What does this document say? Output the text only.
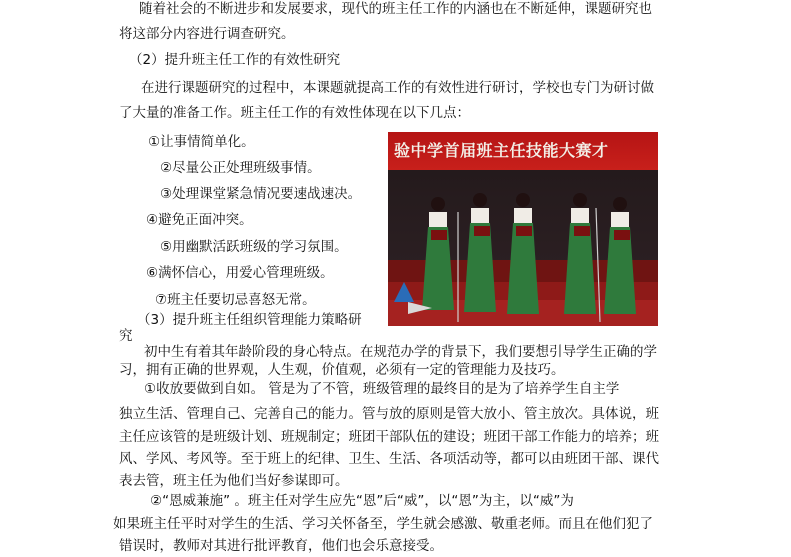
随着社会的不断进步和发展要求，现代的班主任工作的内涵也在不断延伸，课题研究也
将这部分内容进行调查研究。
（2）提升班主任工作的有效性研究
在进行课题研究的过程中，本课题就提高工作的有效性进行研讨，学校也专门为研讨做
了大量的准备工作。班主任工作的有效性体现在以下几点：
①让事情简单化。
②尽量公正处理班级事情。
③处理课堂紧急情况要速战速决。
④避免正面冲突。
⑤用幽默活跃班级的学习氛围。
⑥满怀信心，用爱心管理班级。
⑦班主任要切忌喜怒无常。
（3）提升班主任组织管理能力策略研
究
验中学首届班主任技能大赛才
初中生有着其年龄阶段的身心特点。在规范办学的背景下，我们要想引导学生正确的学
习，拥有正确的世界观，人生观，价值观，必须有一定的管理能力及技巧。
①收放要做到自如。 管是为了不管，班级管理的最终目的是为了培养学生自主学
独立生活、管理自己、完善自己的能力。管与放的原则是管大放小、管主放次。具体说，班
主任应该管的是班级计划、班规制定；班团干部队伍的建设；班团干部工作能力的培养；班
风、学风、考风等。至于班上的纪律、卫生、生活、各项活动等，都可以由班团干部、课代
表去管，班主任为他们当好参谋即可。
②“恩威兼施” 。班主任对学生应先“恩”后“威”，以“恩”为主，以“威”为
如果班主任平时对学生的生活、学习关怀备至，学生就会感激、敬重老师。而且在他们犯了
错误时，教师对其进行批评教育，他们也会乐意接受。
